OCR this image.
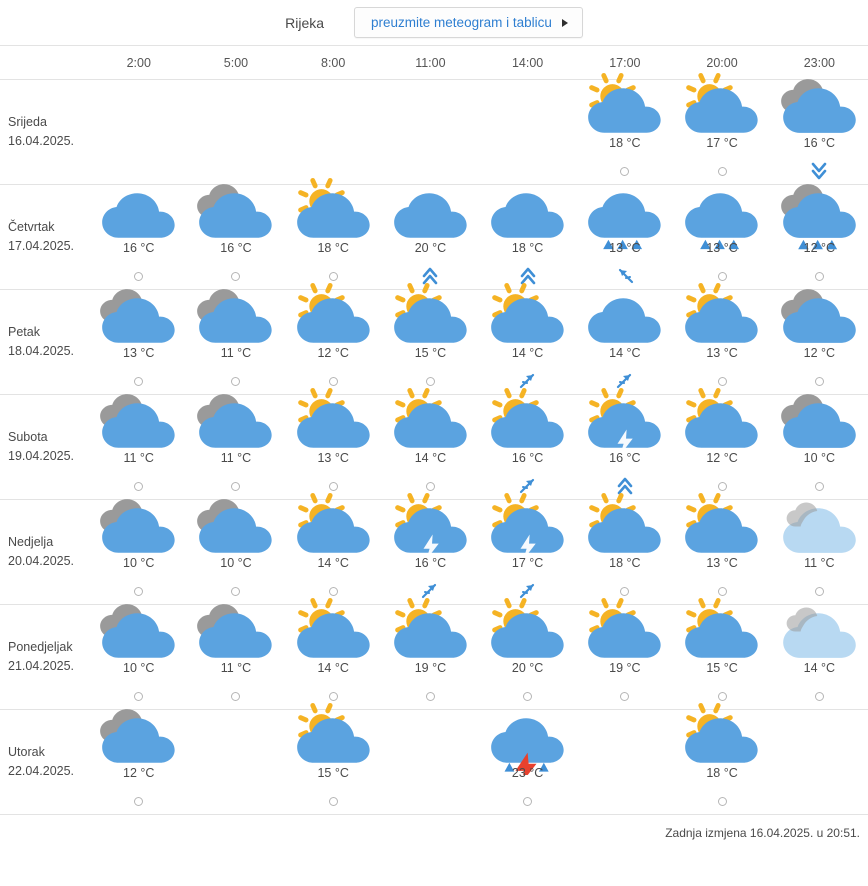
Rijeka	preuzmite meteogram i tablicu
	2:00	5:00	8:00	11:00	14:00	17:00	20:00	23:00

Srijeda
16.04.2025.						18 °C	17 °C	16 °C

Četvrtak
17.04.2025.	16 °C	16 °C	18 °C	20 °C	18 °C	13 °C	13 °C	12 °C

Petak
18.04.2025.	13 °C	11 °C	12 °C	15 °C	14 °C	14 °C	13 °C	12 °C

Subota
19.04.2025.	11 °C	11 °C	13 °C	14 °C	16 °C	16 °C	12 °C	10 °C

Nedjelja
20.04.2025.	10 °C	10 °C	14 °C	16 °C	17 °C	18 °C	13 °C	11 °C

Ponedjeljak
21.04.2025.	10 °C	11 °C	14 °C	19 °C	20 °C	19 °C	15 °C	14 °C

Utorak
22.04.2025.	12 °C		15 °C		23 °C		18 °C	

Zadnja izmjena 16.04.2025. u 20:51.
